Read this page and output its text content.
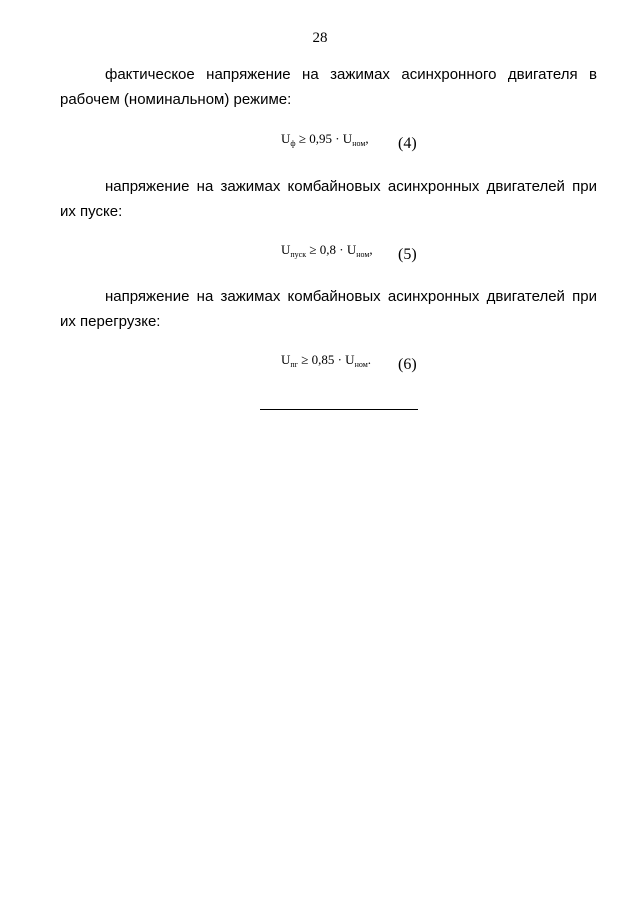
28
фактическое напряжение на зажимах асинхронного двигателя в рабочем (номинальном) режиме:
$U_ф \ge 0,95 \cdot U_{ном}$, (4)
напряжение на зажимах комбайновых асинхронных двигателей при их пуске:
$U_{пуск} \ge 0,8 \cdot U_{ном}$, (5)
напряжение на зажимах комбайновых асинхронных двигателей при их перегрузке:
$U_{пг} \ge 0,85 \cdot U_{ном}$. (6)
